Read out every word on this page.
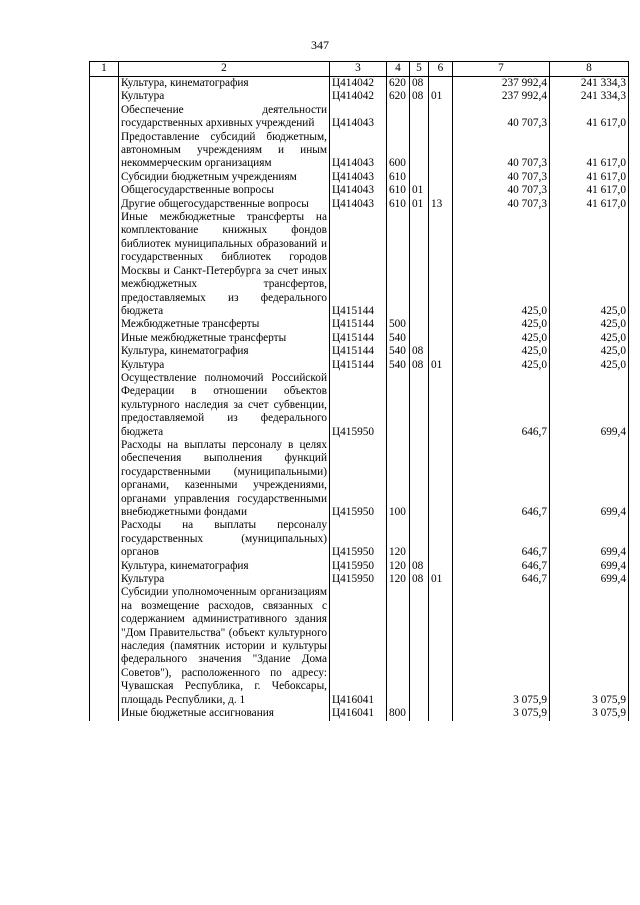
347
1	2	3	4	5	6	7	8
	Культура, кинематография	Ц414042	620	08		237 992,4	241 334,3
	Культура	Ц414042	620	08	01	237 992,4	241 334,3
	Обеспечение деятельности государственных архивных учреждений	Ц414043				40 707,3	41 617,0
	Предоставление субсидий бюджетным, автономным учреждениям и иным некоммерческим организациям	Ц414043	600			40 707,3	41 617,0
	Субсидии бюджетным учреждениям	Ц414043	610			40 707,3	41 617,0
	Общегосударственные вопросы	Ц414043	610	01		40 707,3	41 617,0
	Другие общегосударственные вопросы	Ц414043	610	01	13	40 707,3	41 617,0
	Иные межбюджетные трансферты на комплектование книжных фондов библиотек муниципальных образований и государственных библиотек городов Москвы и Санкт-Петербурга за счет иных межбюджетных трансфертов, предоставляемых из федерального бюджета	Ц415144				425,0	425,0
	Межбюджетные трансферты	Ц415144	500			425,0	425,0
	Иные межбюджетные трансферты	Ц415144	540			425,0	425,0
	Культура, кинематография	Ц415144	540	08		425,0	425,0
	Культура	Ц415144	540	08	01	425,0	425,0
	Осуществление полномочий Российской Федерации в отношении объектов культурного наследия за счет субвенции, предоставляемой из федерального бюджета	Ц415950				646,7	699,4
	Расходы на выплаты персоналу в целях обеспечения выполнения функций государственными (муниципальными) органами, казенными учреждениями, органами управления государственными внебюджетными фондами	Ц415950	100			646,7	699,4
	Расходы на выплаты персоналу государственных (муниципальных) органов	Ц415950	120			646,7	699,4
	Культура, кинематография	Ц415950	120	08		646,7	699,4
	Культура	Ц415950	120	08	01	646,7	699,4
	Субсидии уполномоченным организациям на возмещение расходов, связанных с содержанием административного здания "Дом Правительства" (объект культурного наследия (памятник истории и культуры федерального значения "Здание Дома Советов"), расположенного по адресу: Чувашская Республика, г. Чебоксары, площадь Республики, д. 1	Ц416041				3 075,9	3 075,9
	Иные бюджетные ассигнования	Ц416041	800			3 075,9	3 075,9
